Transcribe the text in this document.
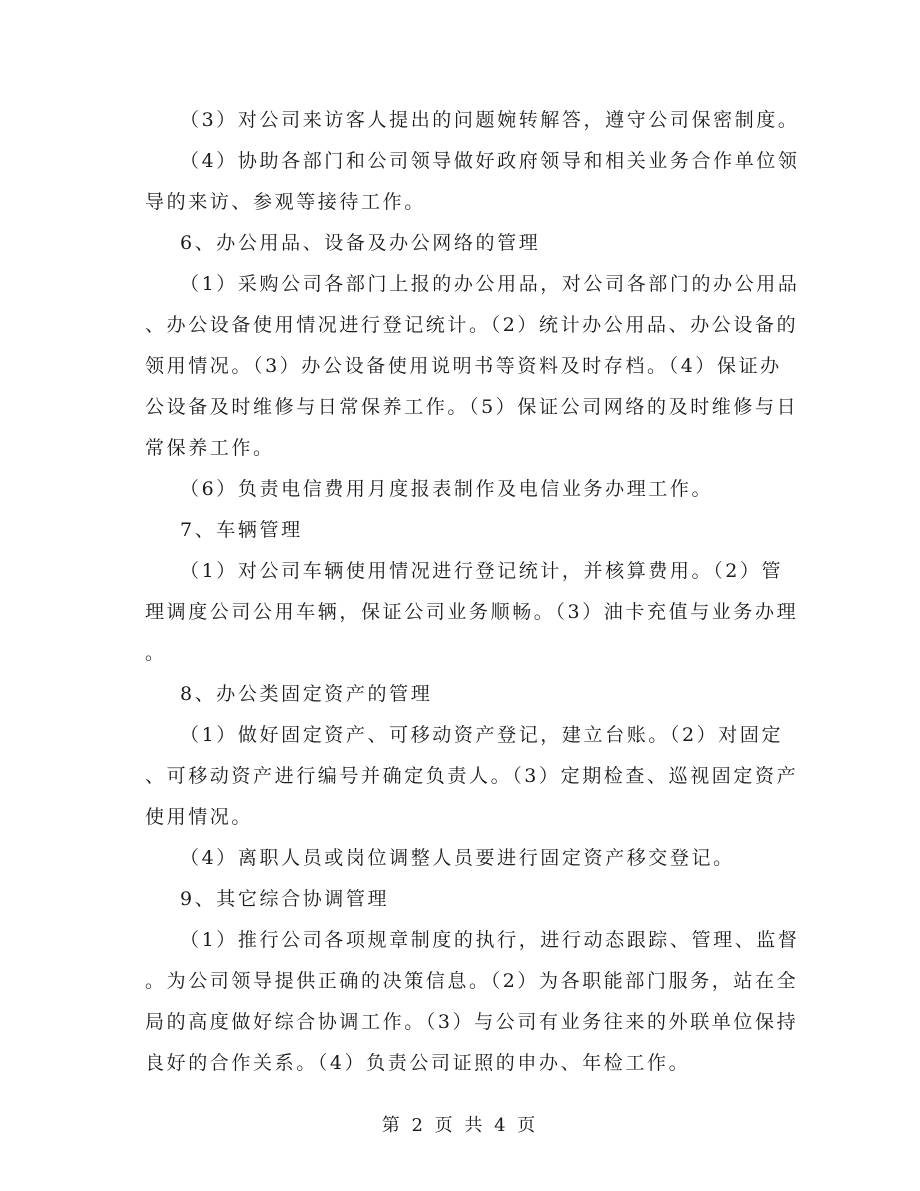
（3）对公司来访客人提出的问题婉转解答，遵守公司保密制度。
（4）协助各部门和公司领导做好政府领导和相关业务合作单位领
导的来访、参观等接待工作。
6、办公用品、设备及办公网络的管理
（1）采购公司各部门上报的办公用品，对公司各部门的办公用品
、办公设备使用情况进行登记统计。（2）统计办公用品、办公设备的
领用情况。（3）办公设备使用说明书等资料及时存档。（4）保证办
公设备及时维修与日常保养工作。（5）保证公司网络的及时维修与日
常保养工作。
（6）负责电信费用月度报表制作及电信业务办理工作。
7、车辆管理
（1）对公司车辆使用情况进行登记统计，并核算费用。（2）管
理调度公司公用车辆，保证公司业务顺畅。（3）油卡充值与业务办理
。
8、办公类固定资产的管理
（1）做好固定资产、可移动资产登记，建立台账。（2）对固定
、可移动资产进行编号并确定负责人。（3）定期检查、巡视固定资产
使用情况。
（4）离职人员或岗位调整人员要进行固定资产移交登记。
9、其它综合协调管理
（1）推行公司各项规章制度的执行，进行动态跟踪、管理、监督
。为公司领导提供正确的决策信息。（2）为各职能部门服务，站在全
局的高度做好综合协调工作。（3）与公司有业务往来的外联单位保持
良好的合作关系。（4）负责公司证照的申办、年检工作。
第 2 页 共 4 页
